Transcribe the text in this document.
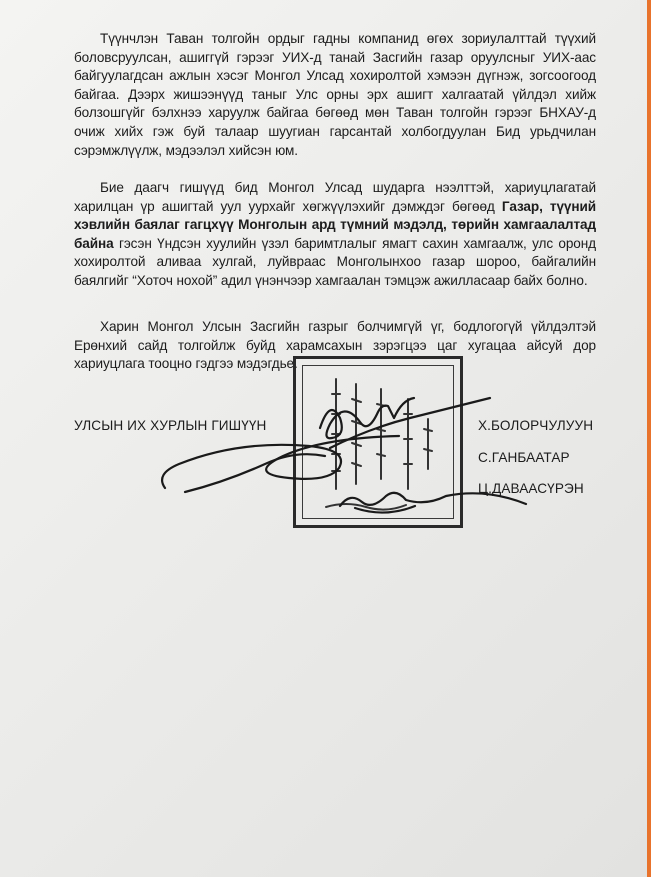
Түүнчлэн Таван толгойн ордыг гадны компанид өгөх зориулалттай түүхий боловсруулсан, ашиггүй гэрээг УИХ-д танай Засгийн газар оруулсныг УИХ-аас байгуулагдсан ажлын хэсэг Монгол Улсад хохиролтой хэмээн дүгнэж, зогсоогоод байгаа. Дээрх жишээнүүд таныг Улс орны эрх ашигт халгаатай үйлдэл хийж болзошгүйг бэлхнээ харуулж байгаа бөгөөд мөн Таван толгойн гэрээг БНХАУ-д очиж хийх гэж буй талаар шуугиан гарсантай холбогдуулан Бид урьдчилан сэрэмжлүүлж, мэдээлэл хийсэн юм.

Бие даагч гишүүд бид Монгол Улсад шударга нээлттэй, хариуцлагатай харилцан үр ашигтай уул уурхайг хөгжүүлэхийг дэмждэг бөгөөд Газар, түүний хэвлийн баялаг гагцхүү Монголын ард түмний мэдэлд, төрийн хамгаалалтад байна гэсэн Үндсэн хуулийн үзэл баримтлалыг ямагт сахин хамгаалж, улс оронд хохиролтой аливаа хулгай, луйвраас Монголынхоо газар шороо, байгалийн баялгийг “Хоточ нохой” адил үнэнчээр хамгаалан тэмцэж ажилласаар байх болно.

Харин Монгол Улсын Засгийн газрыг болчимгүй үг, бодлогогүй үйлдэлтэй Ерөнхий сайд толгойлж буйд харамсахын зэрэгцээ цаг хугацаа айсуй дор хариуцлага тооцно гэдгээ мэдэгдье.

УЛСЫН ИХ ХУРЛЫН ГИШҮҮН	Х.БОЛОРЧУЛУУН
С.ГАНБААТАР
Ц.ДАВААСҮРЭН
